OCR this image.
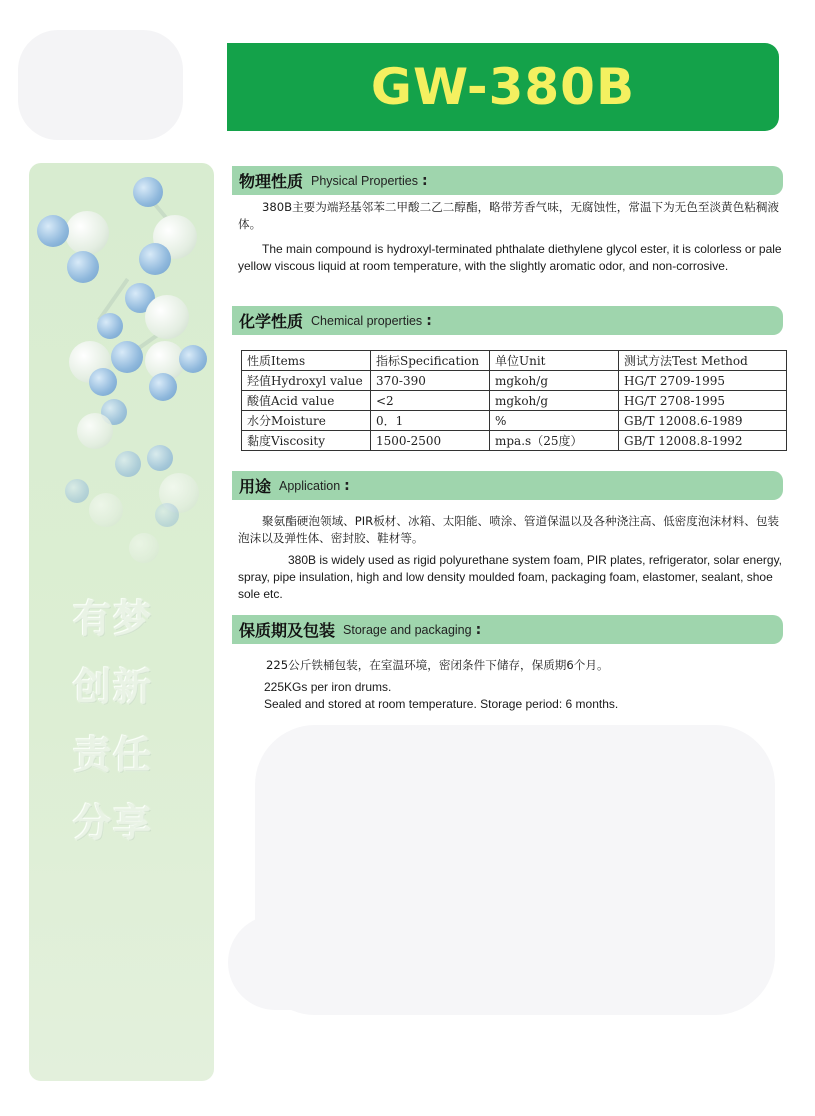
GW-380B
有梦
创新
责任
分享
物理性质 Physical Properties :

380B主要为端羟基邻苯二甲酸二乙二醇酯，略带芳香气味，无腐蚀性，常温下为无色至淡黄色粘稠液体。

The main compound is hydroxyl-terminated phthalate diethylene glycol ester, it is colorless or pale yellow viscous liquid at room temperature, with the slightly aromatic odor, and non-corrosive.

化学性质 Chemical properties :
性质Items	指标Specification	单位Unit	测试方法Test Method
羟值Hydroxyl value	370-390	mgkoh/g	HG/T 2709-1995
酸值Acid value	<2	mgkoh/g	HG/T 2708-1995
水分Moisture	0．1	%	GB/T 12008.6-1989
黏度Viscosity	1500-2500	mpa.s（25度）	GB/T 12008.8-1992
用途 Application :

聚氨酯硬泡领域、PIR板材、冰箱、太阳能、喷涂、管道保温以及各种浇注高、低密度泡沫材料、包装泡沫以及弹性体、密封胶、鞋材等。

380B is widely used as rigid polyurethane system foam, PIR plates, refrigerator, solar energy, spray, pipe insulation, high and low density moulded foam, packaging foam, elastomer, sealant, shoe sole etc.

保质期及包装 Storage and packaging :

225公斤铁桶包装，在室温环境，密闭条件下储存，保质期6个月。

225KGs per iron drums.

Sealed and stored at room temperature. Storage period: 6 months.
